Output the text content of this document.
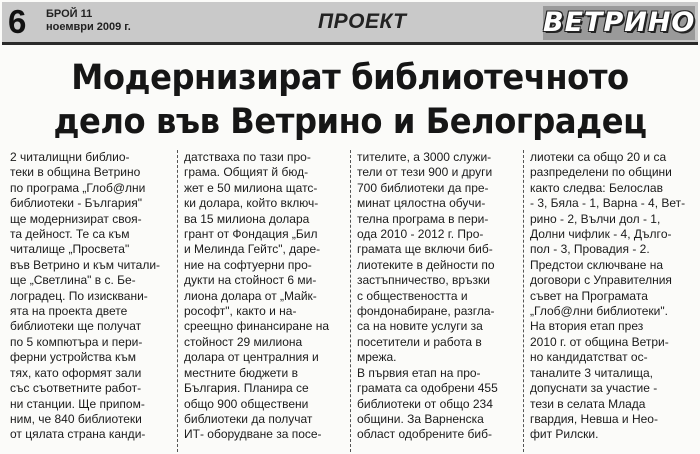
6 БРОЙ 11
ноември 2009 г.	ПРОЕКТ	ВЕТРИНО
Модернизират библиотечното
дело във Ветрино и Белоградец
2 читалищни библио-
теки в община Ветрино
по програма „Глоб@лни
библиотеки - България"
ще модернизират своя-
та дейност. Те са към
читалище „Просвета"
във Ветрино и към читали-
ще „Светлина" в с. Бе-
лоградец. По изисквани-
ята на проекта двете
библиотеки ще получат
по 5 компютъра и пери-
ферни устройства към
тях, като оформят зали
със съответните работ-
ни станции. Ще припом-
ним, че 840 библиотеки
от цялата страна канди-
датстваха по тази про-
грама. Общият й бюд-
жет е 50 милиона щатс-
ки долара, който включ-
ва 15 милиона долара
грант от Фондация „Бил
и Мелинда Гейтс", даре-
ние на софтуерни про-
дукти на стойност 6 ми-
лиона долара от „Майк-
рософт", както и на-
среещно финансиране на
стойност 29 милиона
долара от централния и
местните бюджети в
България. Планира се
общо 900 обществени
библиотеки да получат
ИТ- оборудване за посе-
тителите, а 3000 служи-
тели от тези 900 и други
700 библиотеки да пре-
минат цялостна обучи-
телна програма в пери-
ода 2010 - 2012 г. Про-
грамата ще включи биб-
лиотеките в дейности по
застъпничество, връзки
с обществеността и
фондонабиране, разгла-
са на новите услуги за
посетители и работа в
мрежа.
В първия етап на про-
грамата са одобрени 455
библиотеки от общо 234
общини. За Варненска
област одобрените биб-
лиотеки са общо 20 и са
разпределени по общини
както следва: Белослав
- 3, Бяла - 1, Варна - 4, Вет-
рино - 2, Вълчи дол - 1,
Долни чифлик - 4, Дългo-
пол - 3, Провадия - 2.
Предстои сключване на
договори с Управителния
съвет на Програмата
„Глоб@лни библиотеки".
На втория етап през
2010 г. от община Ветри-
но кандидатстват ос-
таналите 3 читалища,
допуснати за участие -
тези в селата Млада
гвардия, Невша и Нео-
фит Рилски.
